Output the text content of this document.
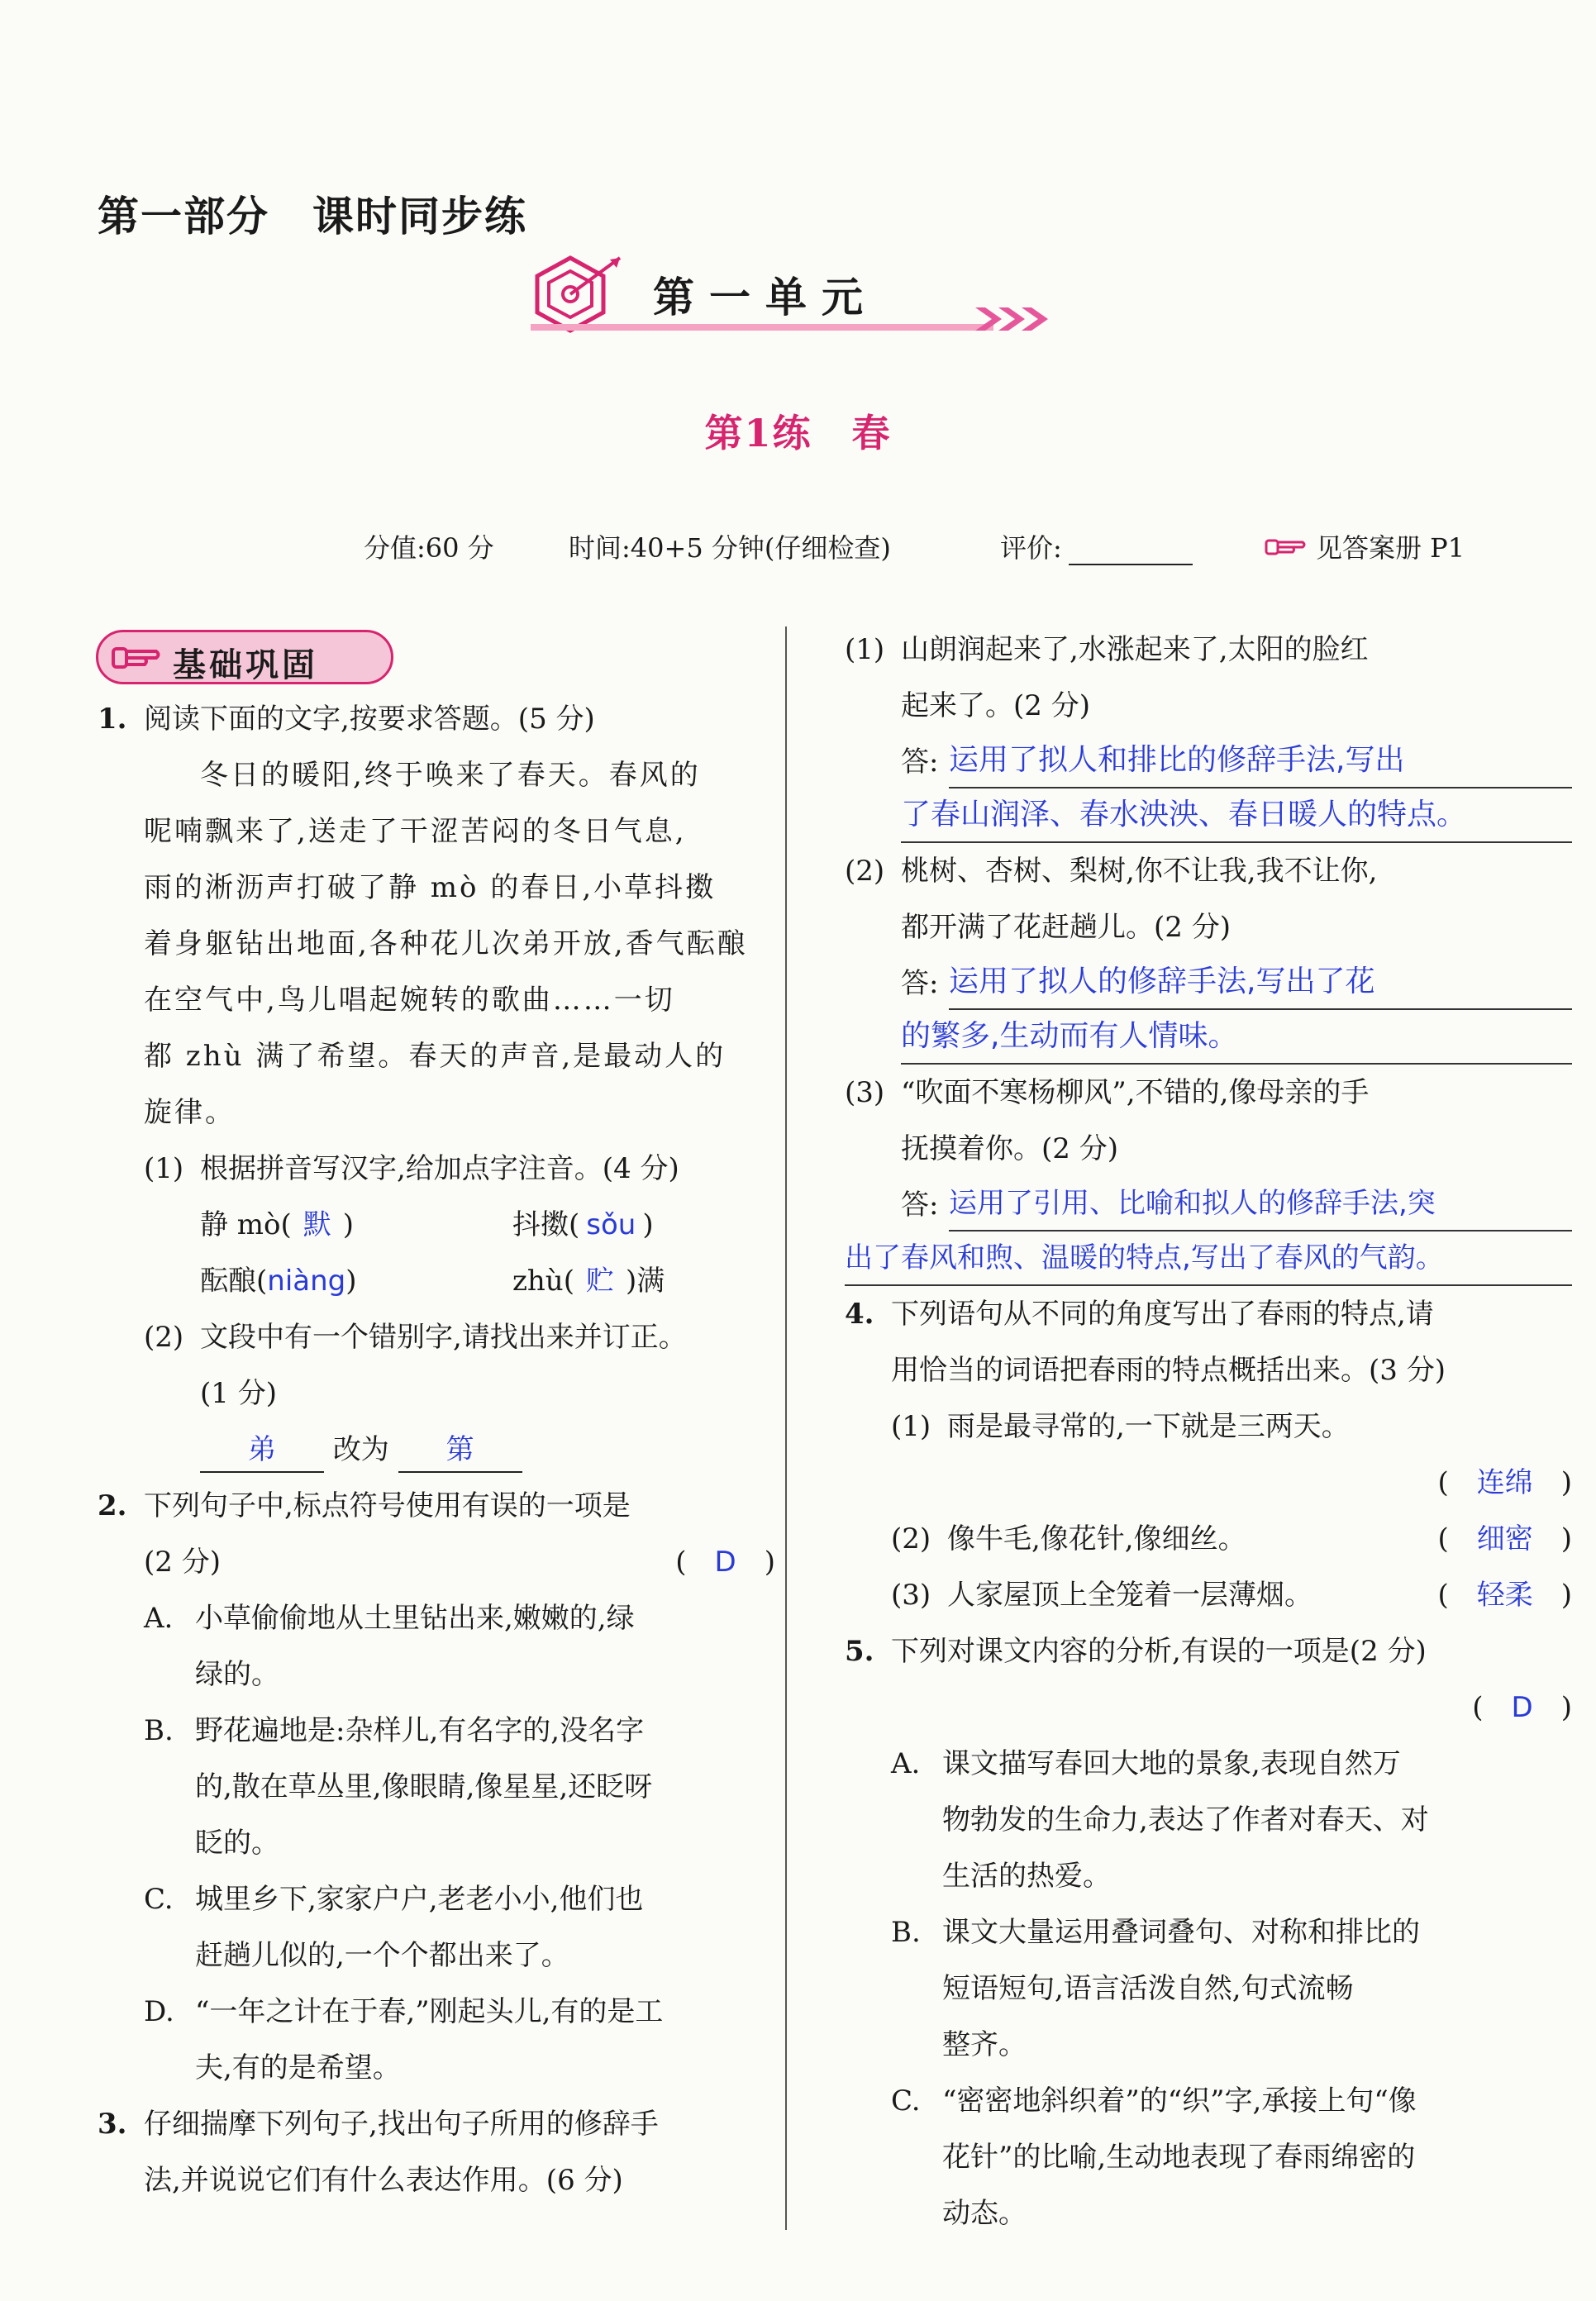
第一部分　课时同步练
第一单元
第1练　春
分值:60 分	时间:40+5 分钟(仔细检查)	评价:	见答案册 P1
基础巩固
1. 阅读下面的文字,按要求答题。(5 分)
冬日的暖阳,终于唤来了春天。春风的
呢喃飘来了,送走了干涩苦闷的冬日气息,
雨的淅沥声打破了静 mò 的春日,小草抖擞
着身躯钻出地面,各种花儿次弟开放,香气酝酿
在空气中,鸟儿唱起婉转的歌曲……一切
都 zhù 满了希望。春天的声音,是最动人的
旋律。
(1) 根据拼音写汉字,给加点字注音。(4 分)
静 mò( 默 )	抖擞( sǒu )
酝酿(niàng)	zhù( 贮 )满
(2) 文段中有一个错别字,请找出来并订正。
(1 分)
弟 改为 第
2. 下列句子中,标点符号使用有误的一项是
(2 分)	(　D　)
A. 小草偷偷地从土里钻出来,嫩嫩的,绿
绿的。
B. 野花遍地是:杂样儿,有名字的,没名字
的,散在草丛里,像眼睛,像星星,还眨呀
眨的。
C. 城里乡下,家家户户,老老小小,他们也
赶趟儿似的,一个个都出来了。
D. “一年之计在于春,”刚起头儿,有的是工
夫,有的是希望。
3. 仔细揣摩下列句子,找出句子所用的修辞手
法,并说说它们有什么表达作用。(6 分)
(1) 山朗润起来了,水涨起来了,太阳的脸红
起来了。(2 分)
答: 运用了拟人和排比的修辞手法,写出
了春山润泽、春水泱泱、春日暖人的特点。
(2) 桃树、杏树、梨树,你不让我,我不让你,
都开满了花赶趟儿。(2 分)
答: 运用了拟人的修辞手法,写出了花
的繁多,生动而有人情味。
(3) “吹面不寒杨柳风”,不错的,像母亲的手
抚摸着你。(2 分)
答: 运用了引用、比喻和拟人的修辞手法,突
出了春风和煦、温暖的特点,写出了春风的气韵。
4. 下列语句从不同的角度写出了春雨的特点,请
用恰当的词语把春雨的特点概括出来。(3 分)
(1) 雨是最寻常的,一下就是三两天。
(　连绵　)
(2) 像牛毛,像花针,像细丝。	(　细密　)
(3) 人家屋顶上全笼着一层薄烟。	(　轻柔　)
5. 下列对课文内容的分析,有误的一项是(2 分)
(　D　)
A. 课文描写春回大地的景象,表现自然万
物勃发的生命力,表达了作者对春天、对
生活的热爱。
B. 课文大量运用叠词叠句、对称和排比的
短语短句,语言活泼自然,句式流畅
整齐。
C. “密密地斜织着”的“织”字,承接上句“像
花针”的比喻,生动地表现了春雨绵密的
动态。
